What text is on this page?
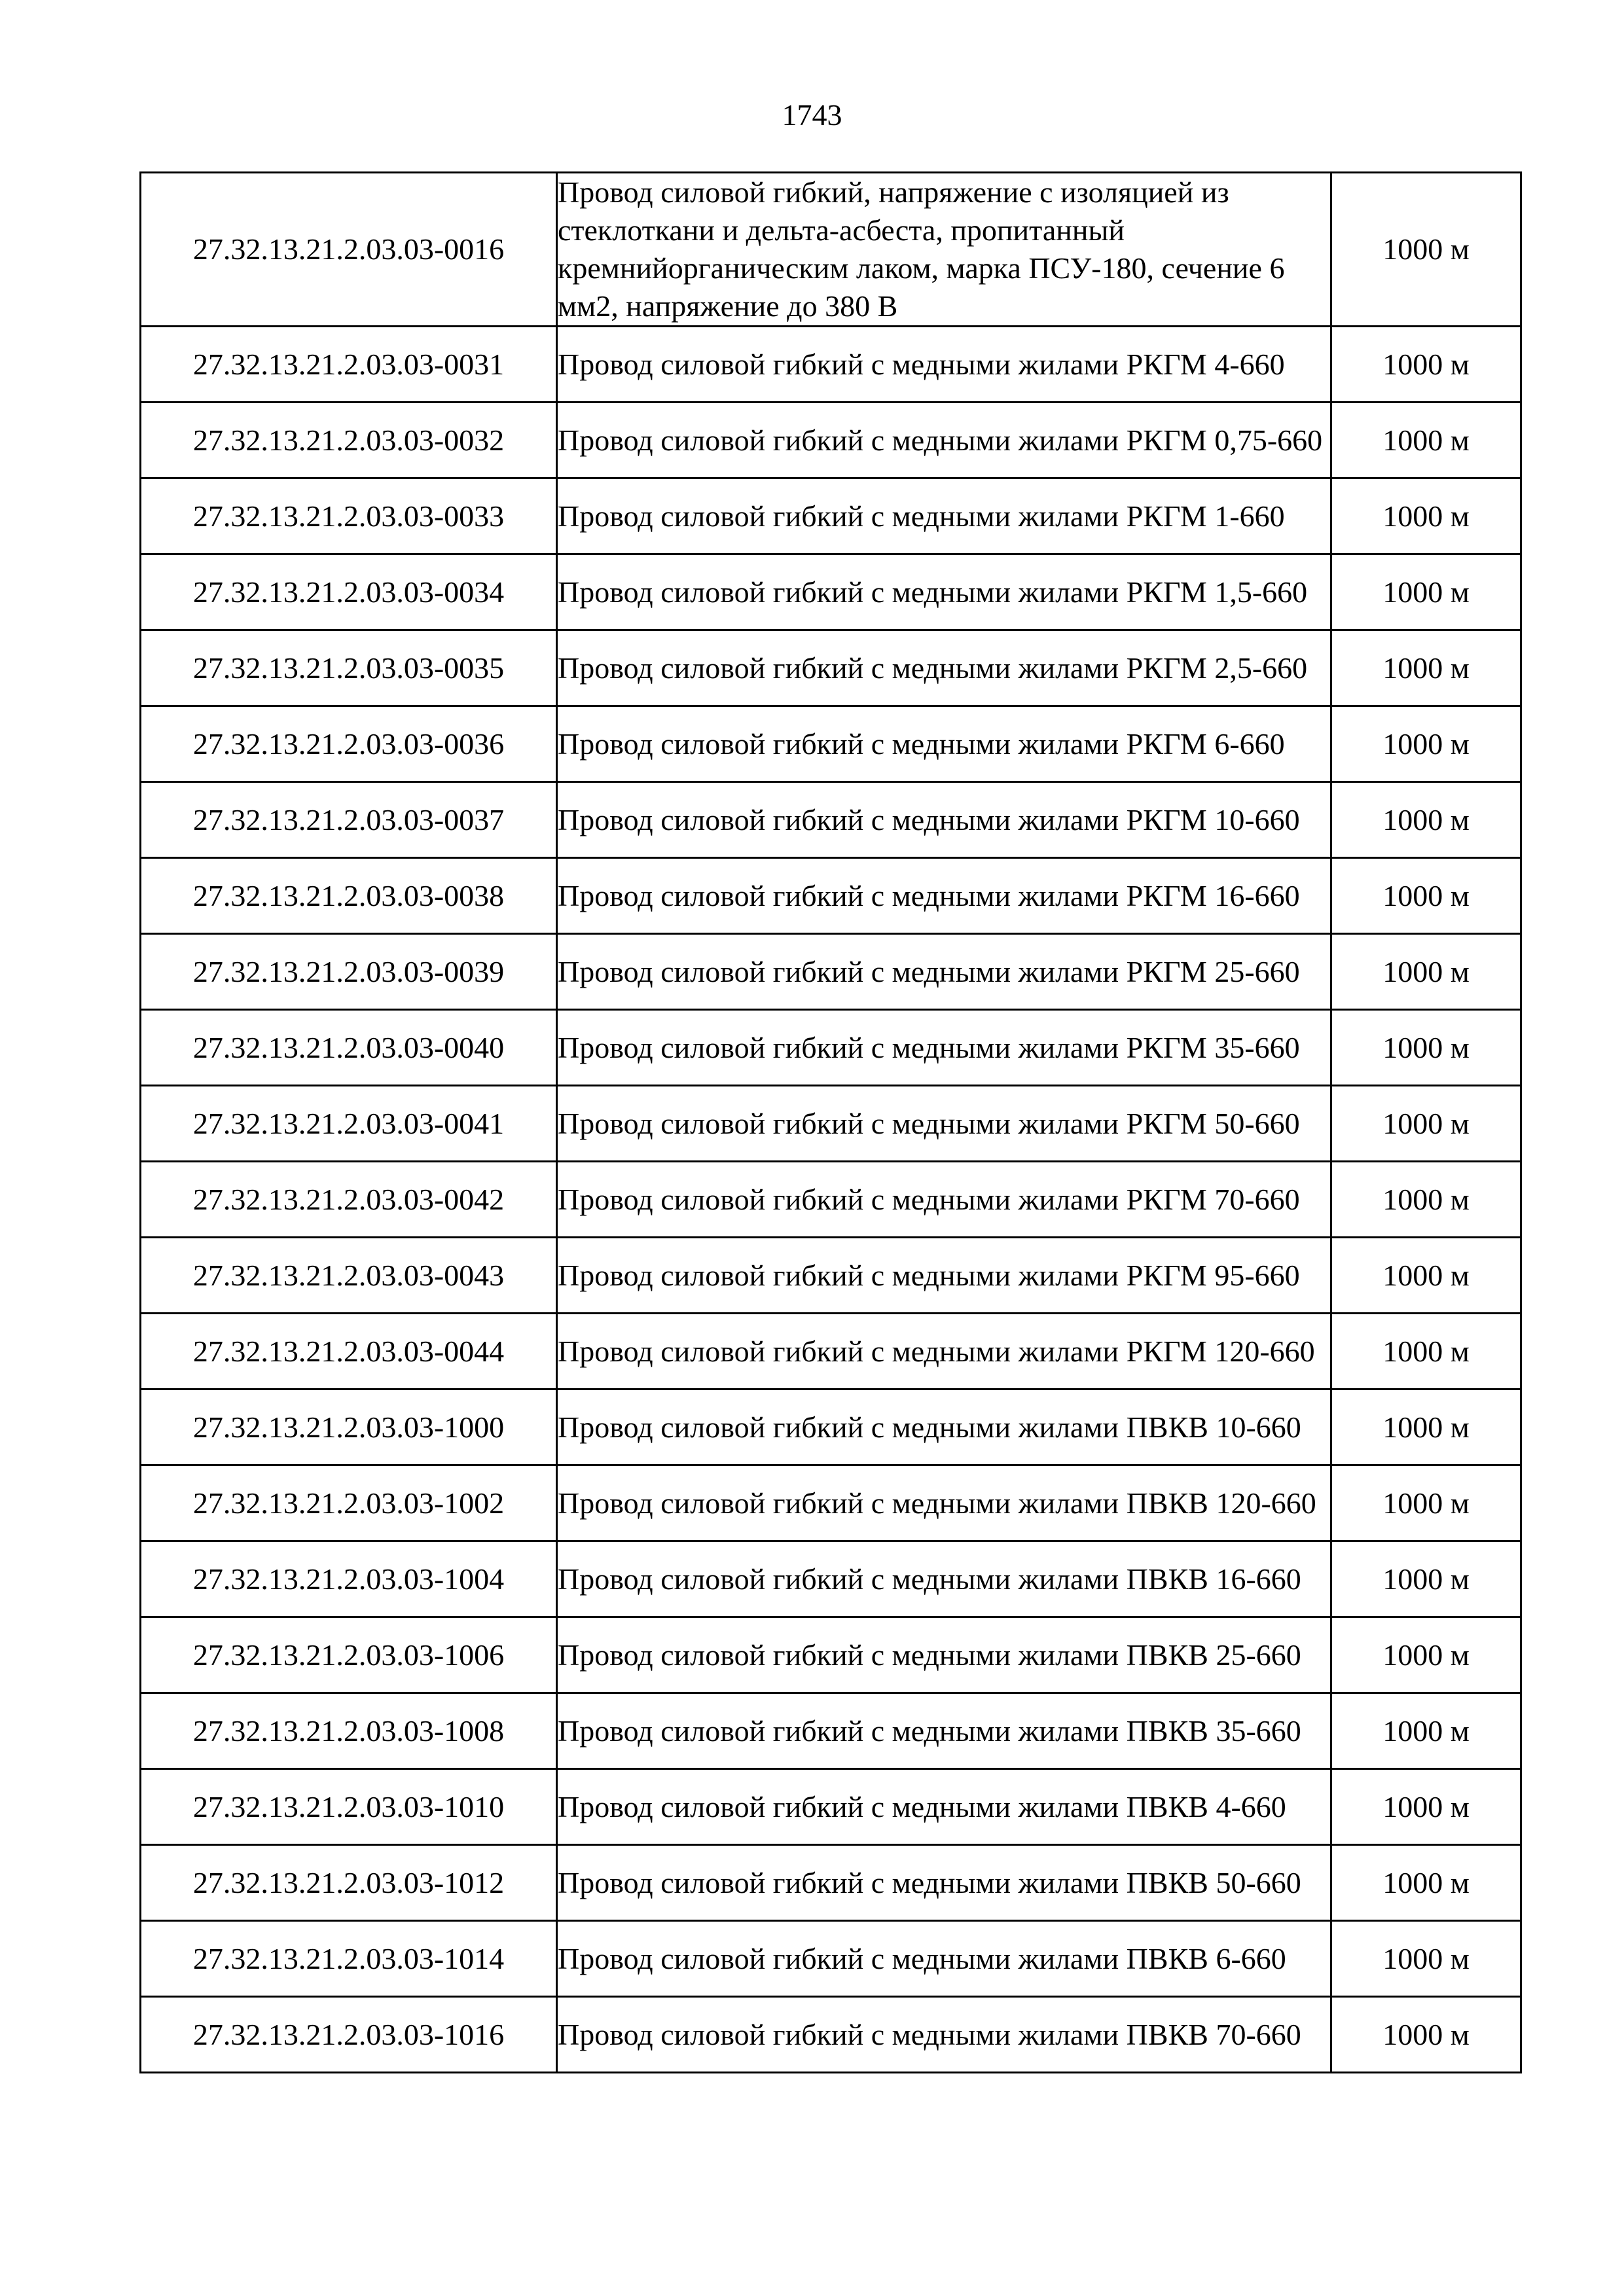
1743
27.32.13.21.2.03.03-0016	Провод силовой гибкий, напряжение с изоляцией из стеклоткани и дельта-асбеста, пропитанный кремнийорганическим лаком, марка ПСУ-180, сечение 6 мм2, напряжение до 380 В	1000 м
27.32.13.21.2.03.03-0031	Провод силовой гибкий с медными жилами РКГМ 4-660	1000 м
27.32.13.21.2.03.03-0032	Провод силовой гибкий с медными жилами РКГМ 0,75-660	1000 м
27.32.13.21.2.03.03-0033	Провод силовой гибкий с медными жилами РКГМ 1-660	1000 м
27.32.13.21.2.03.03-0034	Провод силовой гибкий с медными жилами РКГМ 1,5-660	1000 м
27.32.13.21.2.03.03-0035	Провод силовой гибкий с медными жилами РКГМ 2,5-660	1000 м
27.32.13.21.2.03.03-0036	Провод силовой гибкий с медными жилами РКГМ 6-660	1000 м
27.32.13.21.2.03.03-0037	Провод силовой гибкий с медными жилами РКГМ 10-660	1000 м
27.32.13.21.2.03.03-0038	Провод силовой гибкий с медными жилами РКГМ 16-660	1000 м
27.32.13.21.2.03.03-0039	Провод силовой гибкий с медными жилами РКГМ 25-660	1000 м
27.32.13.21.2.03.03-0040	Провод силовой гибкий с медными жилами РКГМ 35-660	1000 м
27.32.13.21.2.03.03-0041	Провод силовой гибкий с медными жилами РКГМ 50-660	1000 м
27.32.13.21.2.03.03-0042	Провод силовой гибкий с медными жилами РКГМ 70-660	1000 м
27.32.13.21.2.03.03-0043	Провод силовой гибкий с медными жилами РКГМ 95-660	1000 м
27.32.13.21.2.03.03-0044	Провод силовой гибкий с медными жилами РКГМ 120-660	1000 м
27.32.13.21.2.03.03-1000	Провод силовой гибкий с медными жилами ПВКВ 10-660	1000 м
27.32.13.21.2.03.03-1002	Провод силовой гибкий с медными жилами ПВКВ 120-660	1000 м
27.32.13.21.2.03.03-1004	Провод силовой гибкий с медными жилами ПВКВ 16-660	1000 м
27.32.13.21.2.03.03-1006	Провод силовой гибкий с медными жилами ПВКВ 25-660	1000 м
27.32.13.21.2.03.03-1008	Провод силовой гибкий с медными жилами ПВКВ 35-660	1000 м
27.32.13.21.2.03.03-1010	Провод силовой гибкий с медными жилами ПВКВ 4-660	1000 м
27.32.13.21.2.03.03-1012	Провод силовой гибкий с медными жилами ПВКВ 50-660	1000 м
27.32.13.21.2.03.03-1014	Провод силовой гибкий с медными жилами ПВКВ 6-660	1000 м
27.32.13.21.2.03.03-1016	Провод силовой гибкий с медными жилами ПВКВ 70-660	1000 м
